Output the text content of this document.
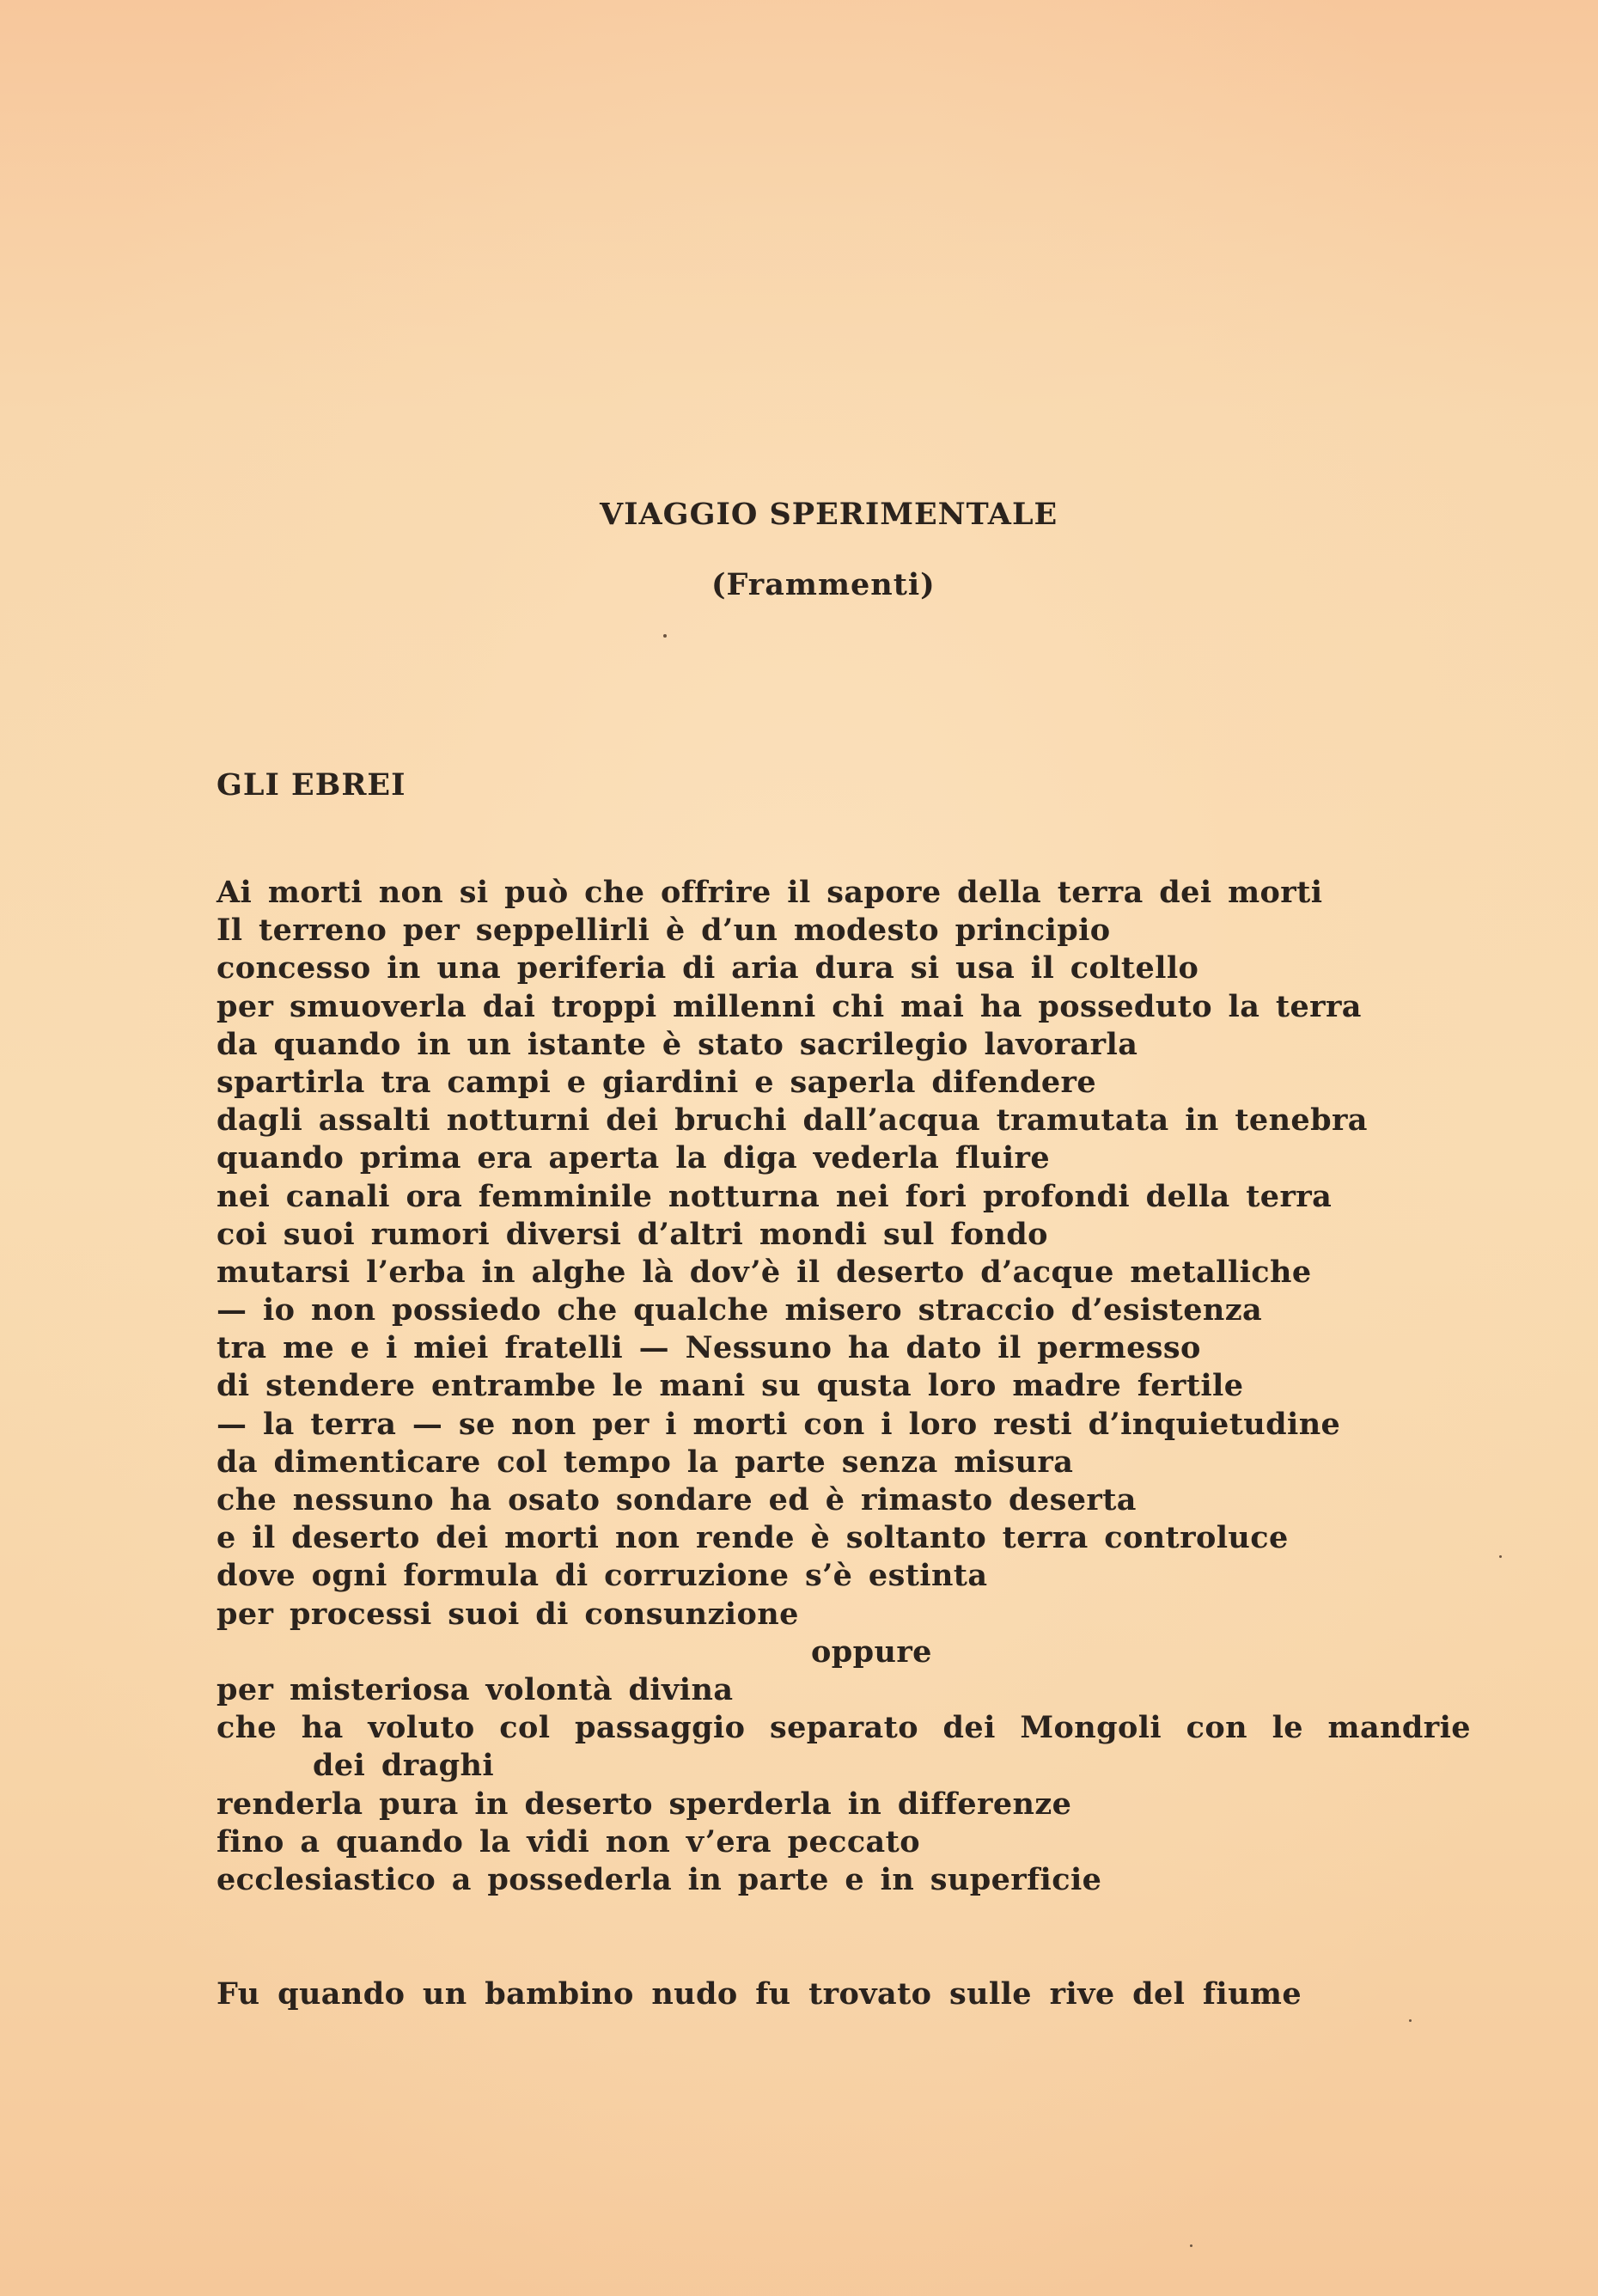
VIAGGIO SPERIMENTALE
(Frammenti)
GLI EBREI
Ai morti non si può che offrire il sapore della terra dei morti
Il terreno per seppellirli è d’un modesto principio
concesso in una periferia di aria dura si usa il coltello
per smuoverla dai troppi millenni chi mai ha posseduto la terra
da quando in un istante è stato sacrilegio lavorarla
spartirla tra campi e giardini e saperla difendere
dagli assalti notturni dei bruchi dall’acqua tramutata in tenebra
quando prima era aperta la diga vederla fluire
nei canali ora femminile notturna nei fori profondi della terra
coi suoi rumori diversi d’altri mondi sul fondo
mutarsi l’erba in alghe là dov’è il deserto d’acque metalliche
— io non possiedo che qualche misero straccio d’esistenza
tra me e i miei fratelli — Nessuno ha dato il permesso
di stendere entrambe le mani su qusta loro madre fertile
— la terra — se non per i morti con i loro resti d’inquietudine
da dimenticare col tempo la parte senza misura
che nessuno ha osato sondare ed è rimasto deserta
e il deserto dei morti non rende è soltanto terra controluce
dove ogni formula di corruzione s’è estinta
per processi suoi di consunzione
oppure
per misteriosa volontà divina
che ha voluto col passaggio separato dei Mongoli con le mandrie
dei draghi
renderla pura in deserto sperderla in differenze
fino a quando la vidi non v’era peccato
ecclesiastico a possederla in parte e in superficie
Fu quando un bambino nudo fu trovato sulle rive del fiume
